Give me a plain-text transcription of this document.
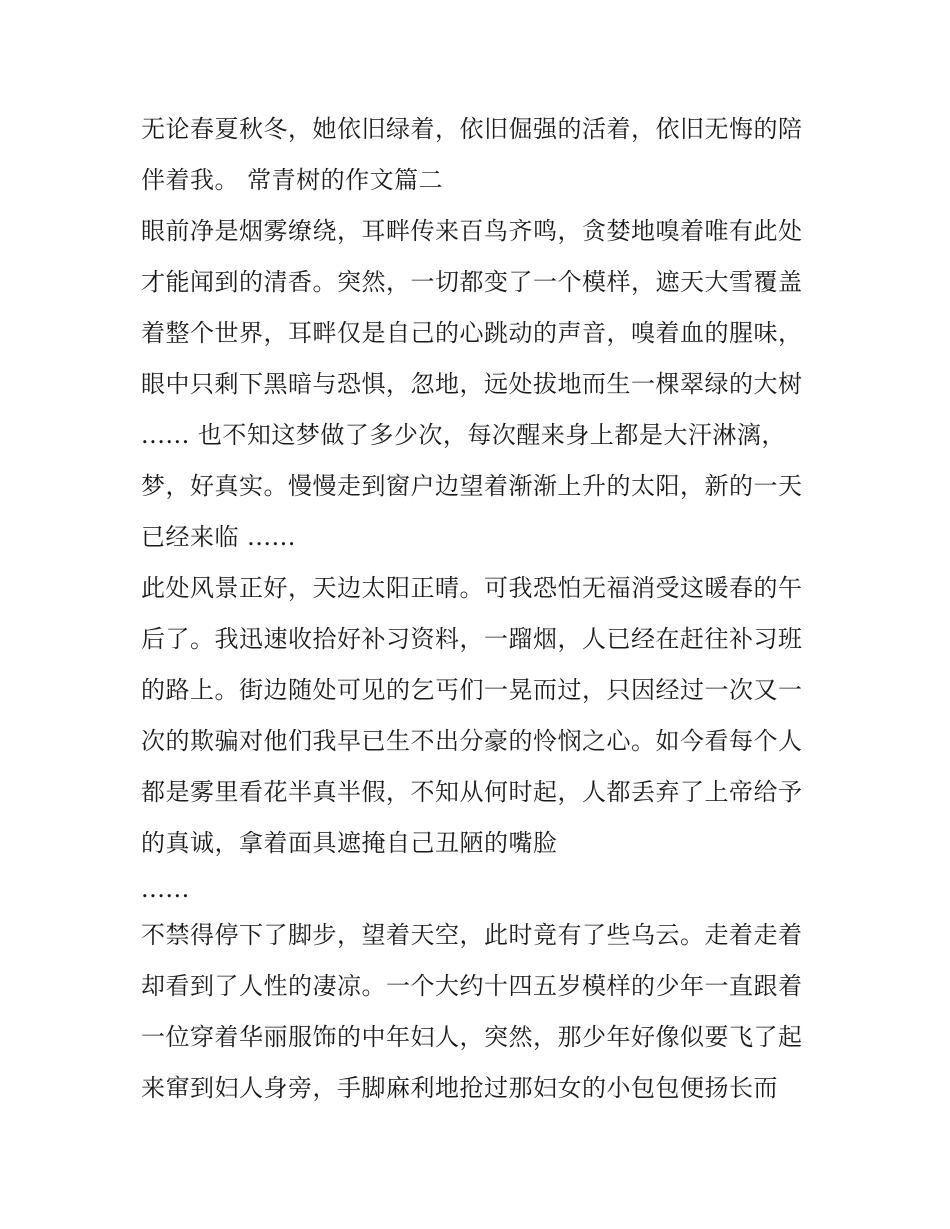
无论春夏秋冬，她依旧绿着，依旧倔强的活着，依旧无悔的陪
伴着我。 常青树的作文篇二
眼前净是烟雾缭绕，耳畔传来百鸟齐鸣，贪婪地嗅着唯有此处
才能闻到的清香。突然，一切都变了一个模样，遮天大雪覆盖
着整个世界，耳畔仅是自己的心跳动的声音，嗅着血的腥味，
眼中只剩下黑暗与恐惧，忽地，远处拔地而生一棵翠绿的大树
...... 也不知这梦做了多少次，每次醒来身上都是大汗淋漓，
梦，好真实。慢慢走到窗户边望着渐渐上升的太阳，新的一天
已经来临 ......
此处风景正好，天边太阳正晴。可我恐怕无福消受这暖春的午
后了。我迅速收拾好补习资料，一蹓烟，人已经在赶往补习班
的路上。街边随处可见的乞丐们一晃而过，只因经过一次又一
次的欺骗对他们我早已生不出分豪的怜悯之心。如今看每个人
都是雾里看花半真半假，不知从何时起，人都丢弃了上帝给予
的真诚，拿着面具遮掩自己丑陋的嘴脸
......
不禁得停下了脚步，望着天空，此时竟有了些乌云。走着走着
却看到了人性的凄凉。一个大约十四五岁模样的少年一直跟着
一位穿着华丽服饰的中年妇人，突然，那少年好像似要飞了起
来窜到妇人身旁，手脚麻利地抢过那妇女的小包包便扬长而
